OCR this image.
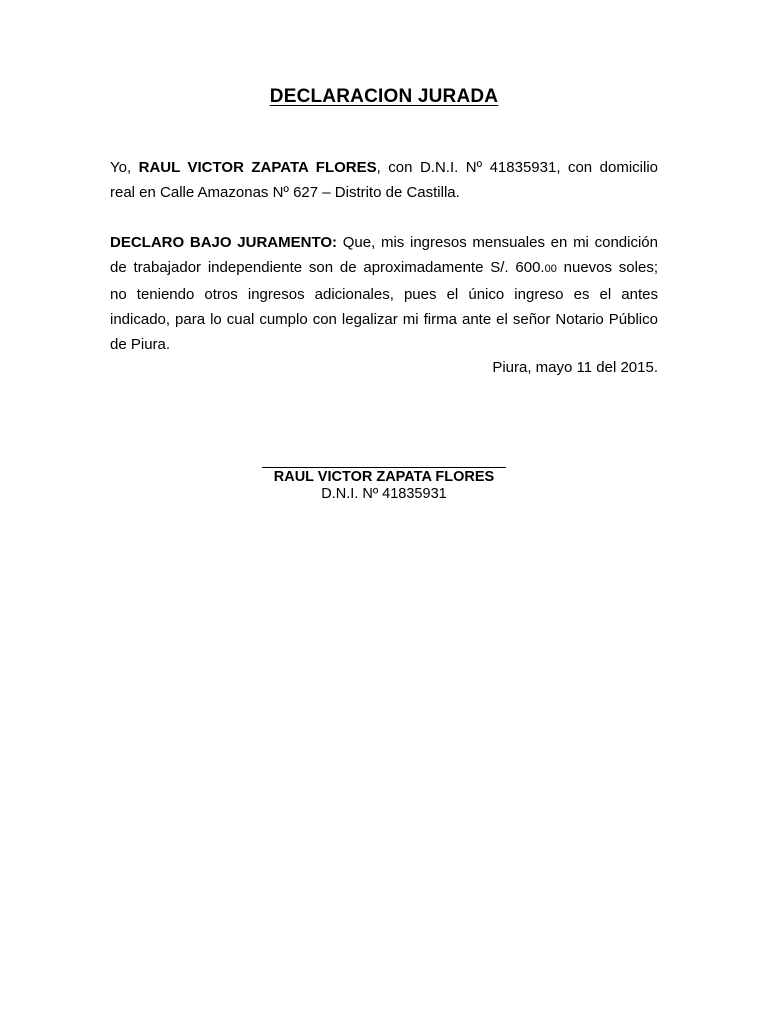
DECLARACION JURADA
Yo, RAUL VICTOR ZAPATA FLORES, con D.N.I. Nº 41835931, con domicilio
real en Calle Amazonas Nº 627 – Distrito de Castilla.
DECLARO BAJO JURAMENTO: Que, mis ingresos mensuales en mi condición
de trabajador independiente son de aproximadamente S/. 600.00 nuevos soles;
no teniendo otros ingresos adicionales, pues el único ingreso es el antes
indicado, para lo cual cumplo con legalizar mi firma ante el señor Notario Público
de Piura.
Piura, mayo 11 del 2015.
RAUL VICTOR ZAPATA FLORES
D.N.I. Nº 41835931
